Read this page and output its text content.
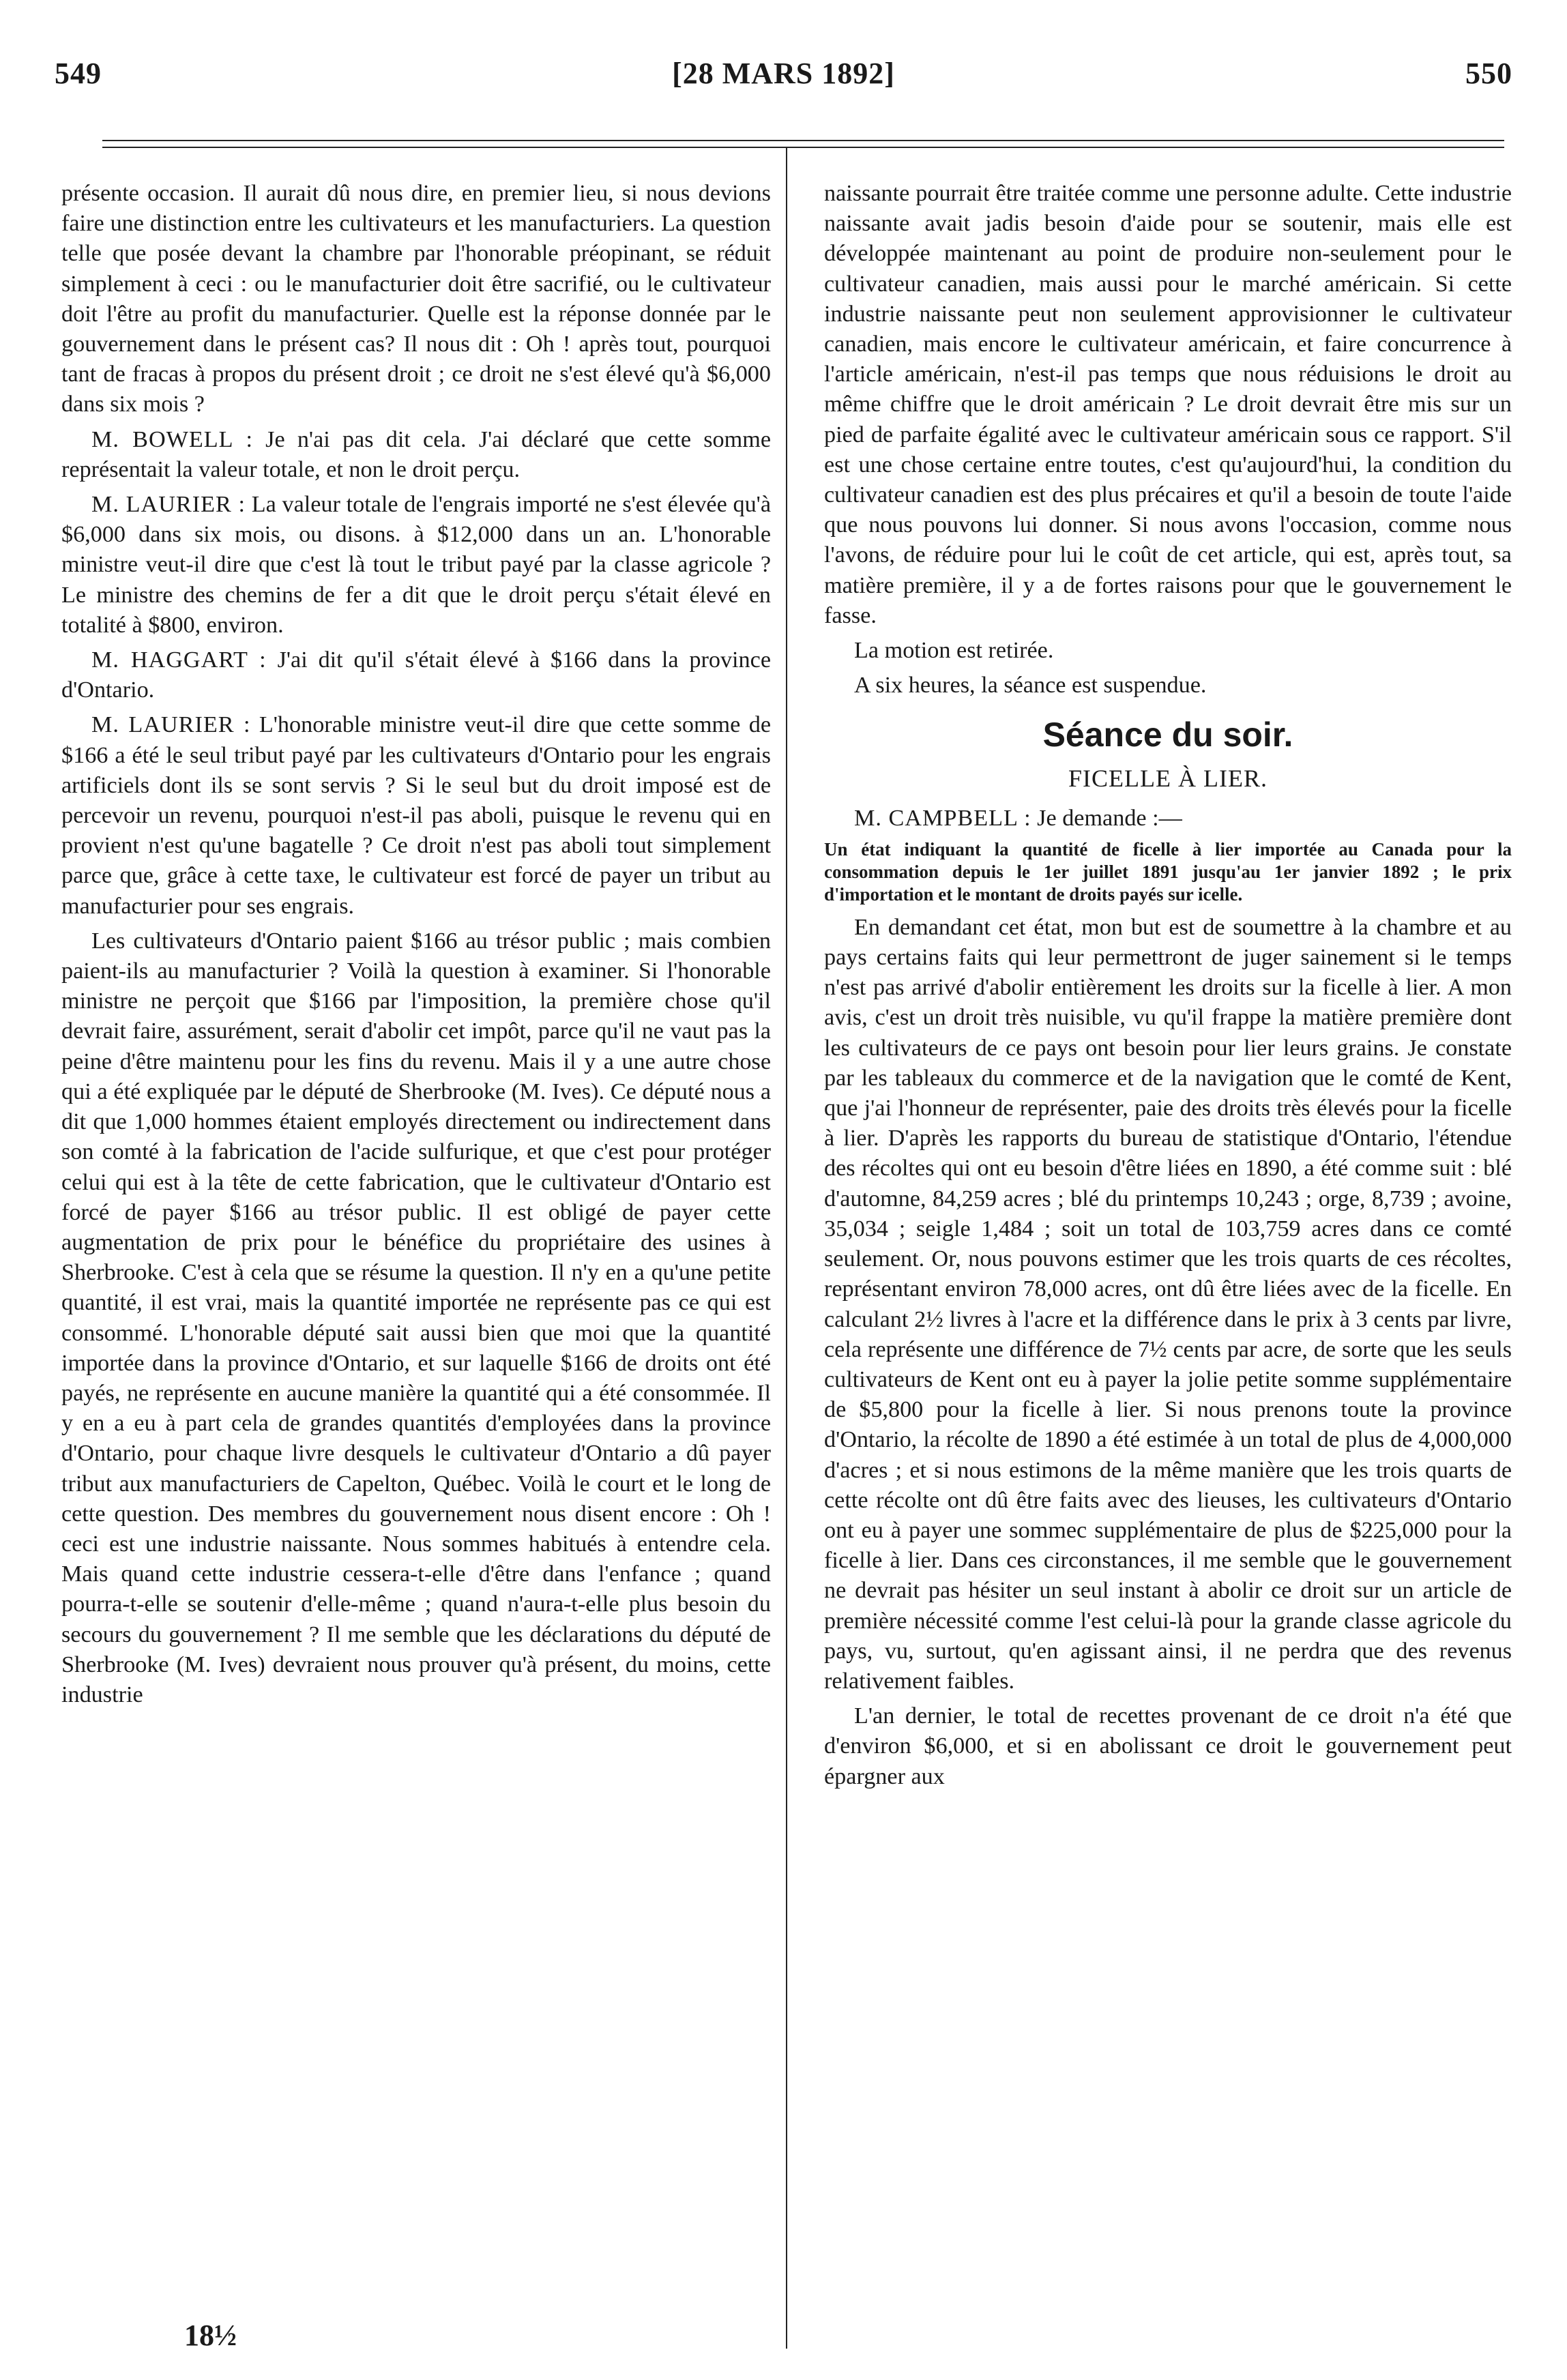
549	[28 MARS 1892]	550

présente occasion. Il aurait dû nous dire, en premier lieu, si nous devions faire une distinction entre les cultivateurs et les manufacturiers. La question telle que posée devant la chambre par l'honorable préopinant, se réduit simplement à ceci : ou le manufacturier doit être sacrifié, ou le cultivateur doit l'être au profit du manufacturier. Quelle est la réponse donnée par le gouvernement dans le présent cas? Il nous dit : Oh ! après tout, pourquoi tant de fracas à propos du présent droit ; ce droit ne s'est élevé qu'à $6,000 dans six mois ?

M. BOWELL : Je n'ai pas dit cela. J'ai déclaré que cette somme représentait la valeur totale, et non le droit perçu.

M. LAURIER : La valeur totale de l'engrais importé ne s'est élevée qu'à $6,000 dans six mois, ou disons. à $12,000 dans un an. L'honorable ministre veut-il dire que c'est là tout le tribut payé par la classe agricole ? Le ministre des chemins de fer a dit que le droit perçu s'était élevé en totalité à $800, environ.

M. HAGGART : J'ai dit qu'il s'était élevé à $166 dans la province d'Ontario.

M. LAURIER : L'honorable ministre veut-il dire que cette somme de $166 a été le seul tribut payé par les cultivateurs d'Ontario pour les engrais artificiels dont ils se sont servis ? Si le seul but du droit imposé est de percevoir un revenu, pourquoi n'est-il pas aboli, puisque le revenu qui en provient n'est qu'une bagatelle ? Ce droit n'est pas aboli tout simplement parce que, grâce à cette taxe, le cultivateur est forcé de payer un tribut au manufacturier pour ses engrais.

Les cultivateurs d'Ontario paient $166 au trésor public ; mais combien paient-ils au manufacturier ? Voilà la question à examiner. Si l'honorable ministre ne perçoit que $166 par l'imposition, la première chose qu'il devrait faire, assurément, serait d'abolir cet impôt, parce qu'il ne vaut pas la peine d'être maintenu pour les fins du revenu. Mais il y a une autre chose qui a été expliquée par le député de Sherbrooke (M. Ives). Ce député nous a dit que 1,000 hommes étaient employés directement ou indirectement dans son comté à la fabrication de l'acide sulfurique, et que c'est pour protéger celui qui est à la tête de cette fabrication, que le cultivateur d'Ontario est forcé de payer $166 au trésor public. Il est obligé de payer cette augmentation de prix pour le bénéfice du propriétaire des usines à Sherbrooke. C'est à cela que se résume la question. Il n'y en a qu'une petite quantité, il est vrai, mais la quantité importée ne représente pas ce qui est consommé. L'honorable député sait aussi bien que moi que la quantité importée dans la province d'Ontario, et sur laquelle $166 de droits ont été payés, ne représente en aucune manière la quantité qui a été consommée. Il y en a eu à part cela de grandes quantités d'employées dans la province d'Ontario, pour chaque livre desquels le cultivateur d'Ontario a dû payer tribut aux manufacturiers de Capelton, Québec. Voilà le court et le long de cette question. Des membres du gouvernement nous disent encore : Oh ! ceci est une industrie naissante. Nous sommes habitués à entendre cela. Mais quand cette industrie cessera-t-elle d'être dans l'enfance ; quand pourra-t-elle se soutenir d'elle-même ; quand n'aura-t-elle plus besoin du secours du gouvernement ? Il me semble que les déclarations du député de Sherbrooke (M. Ives) devraient nous prouver qu'à présent, du moins, cette industrie

naissante pourrait être traitée comme une personne adulte. Cette industrie naissante avait jadis besoin d'aide pour se soutenir, mais elle est développée maintenant au point de produire non-seulement pour le cultivateur canadien, mais aussi pour le marché américain. Si cette industrie naissante peut non seulement approvisionner le cultivateur canadien, mais encore le cultivateur américain, et faire concurrence à l'article américain, n'est-il pas temps que nous réduisions le droit au même chiffre que le droit américain ? Le droit devrait être mis sur un pied de parfaite égalité avec le cultivateur américain sous ce rapport. S'il est une chose certaine entre toutes, c'est qu'aujourd'hui, la condition du cultivateur canadien est des plus précaires et qu'il a besoin de toute l'aide que nous pouvons lui donner. Si nous avons l'occasion, comme nous l'avons, de réduire pour lui le coût de cet article, qui est, après tout, sa matière première, il y a de fortes raisons pour que le gouvernement le fasse.

La motion est retirée.

A six heures, la séance est suspendue.

Séance du soir.
FICELLE À LIER.

M. CAMPBELL : Je demande :—

Un état indiquant la quantité de ficelle à lier importée au Canada pour la consommation depuis le 1er juillet 1891 jusqu'au 1er janvier 1892 ; le prix d'importation et le montant de droits payés sur icelle.

En demandant cet état, mon but est de soumettre à la chambre et au pays certains faits qui leur permettront de juger sainement si le temps n'est pas arrivé d'abolir entièrement les droits sur la ficelle à lier. A mon avis, c'est un droit très nuisible, vu qu'il frappe la matière première dont les cultivateurs de ce pays ont besoin pour lier leurs grains. Je constate par les tableaux du commerce et de la navigation que le comté de Kent, que j'ai l'honneur de représenter, paie des droits très élevés pour la ficelle à lier. D'après les rapports du bureau de statistique d'Ontario, l'étendue des récoltes qui ont eu besoin d'être liées en 1890, a été comme suit : blé d'automne, 84,259 acres ; blé du printemps 10,243 ; orge, 8,739 ; avoine, 35,034 ; seigle 1,484 ; soit un total de 103,759 acres dans ce comté seulement. Or, nous pouvons estimer que les trois quarts de ces récoltes, représentant environ 78,000 acres, ont dû être liées avec de la ficelle. En calculant 2½ livres à l'acre et la différence dans le prix à 3 cents par livre, cela représente une différence de 7½ cents par acre, de sorte que les seuls cultivateurs de Kent ont eu à payer la jolie petite somme supplémentaire de $5,800 pour la ficelle à lier. Si nous prenons toute la province d'Ontario, la récolte de 1890 a été estimée à un total de plus de 4,000,000 d'acres ; et si nous estimons de la même manière que les trois quarts de cette récolte ont dû être faits avec des lieuses, les cultivateurs d'Ontario ont eu à payer une sommec supplémentaire de plus de $225,000 pour la ficelle à lier. Dans ces circonstances, il me semble que le gouvernement ne devrait pas hésiter un seul instant à abolir ce droit sur un article de première nécessité comme l'est celui-là pour la grande classe agricole du pays, vu, surtout, qu'en agissant ainsi, il ne perdra que des revenus relativement faibles.

L'an dernier, le total de recettes provenant de ce droit n'a été que d'environ $6,000, et si en abolissant ce droit le gouvernement peut épargner aux

18½
